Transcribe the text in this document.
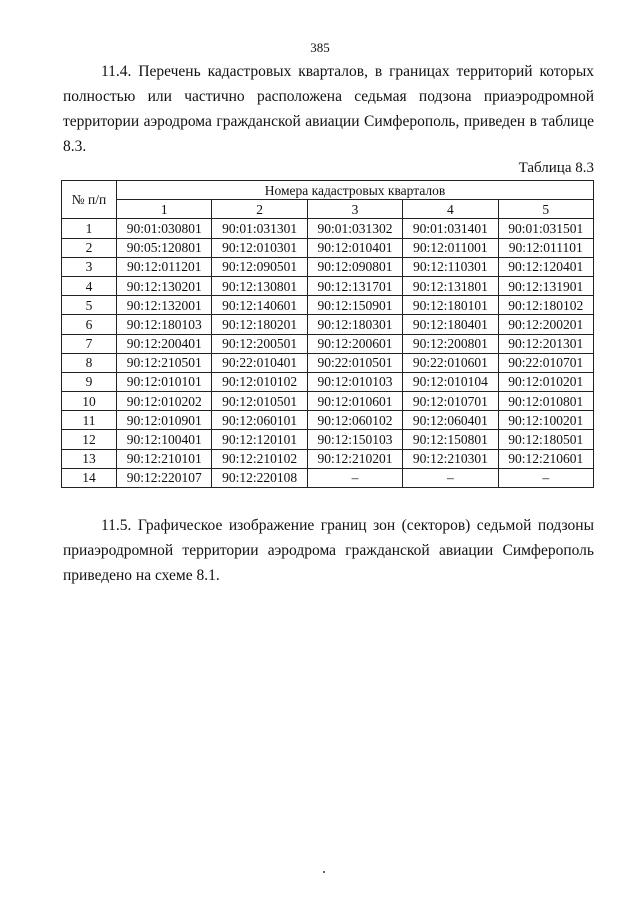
385

11.4. Перечень кадастровых кварталов, в границах территорий которых полностью или частично расположена седьмая подзона приаэродромной территории аэродрома гражданской авиации Симферополь, приведен в таблице 8.3.

Таблица 8.3
№ п/п	Номера кадастровых кварталов				
	1	2	3	4	5
1	90:01:030801	90:01:031301	90:01:031302	90:01:031401	90:01:031501
2	90:05:120801	90:12:010301	90:12:010401	90:12:011001	90:12:011101
3	90:12:011201	90:12:090501	90:12:090801	90:12:110301	90:12:120401
4	90:12:130201	90:12:130801	90:12:131701	90:12:131801	90:12:131901
5	90:12:132001	90:12:140601	90:12:150901	90:12:180101	90:12:180102
6	90:12:180103	90:12:180201	90:12:180301	90:12:180401	90:12:200201
7	90:12:200401	90:12:200501	90:12:200601	90:12:200801	90:12:201301
8	90:12:210501	90:22:010401	90:22:010501	90:22:010601	90:22:010701
9	90:12:010101	90:12:010102	90:12:010103	90:12:010104	90:12:010201
10	90:12:010202	90:12:010501	90:12:010601	90:12:010701	90:12:010801
11	90:12:010901	90:12:060101	90:12:060102	90:12:060401	90:12:100201
12	90:12:100401	90:12:120101	90:12:150103	90:12:150801	90:12:180501
13	90:12:210101	90:12:210102	90:12:210201	90:12:210301	90:12:210601
14	90:12:220107	90:12:220108	–	–	–

11.5. Графическое изображение границ зон (секторов) седьмой подзоны приаэродромной территории аэродрома гражданской авиации Симферополь приведено на схеме 8.1.
